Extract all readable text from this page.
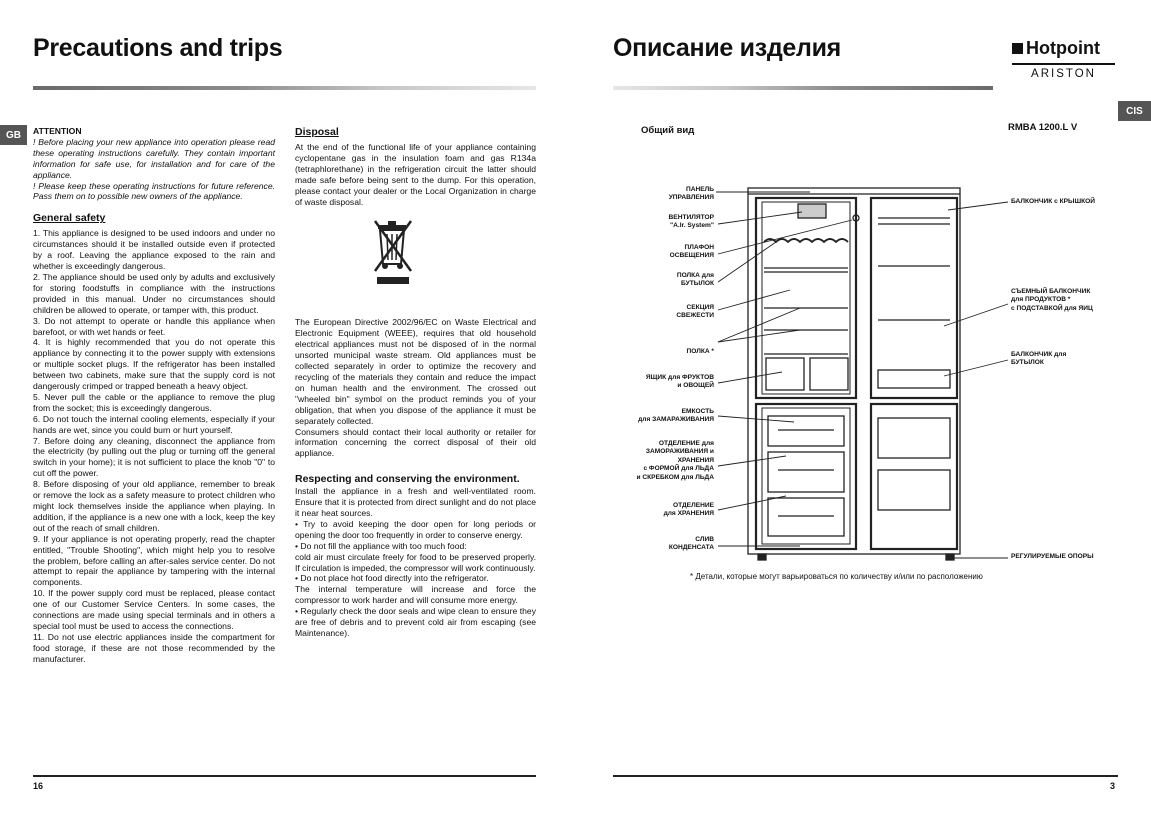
Precautions and trips
GB	ATTENTION

! Before placing your new appliance into operation please read these operating instructions carefully. They contain important information for safe use, for installation and for care of the appliance.

! Please keep these operating instructions for future reference. Pass them on to possible new owners of the appliance.

General safety

1. This appliance is designed to be used indoors and under no circumstances should it be installed outside even if protected by a roof. Leaving the appliance exposed to the rain and whether is exceedingly dangerous.

2. The appliance should be used only by adults and exclusively for storing foodstuffs in compliance with the instructions provided in this manual. Under no circumstances should children be allowed to operate, or tamper with, this product.

3. Do not attempt to operate or handle this appliance when barefoot, or with wet hands or feet.

4. It is highly recommended that you do not operate this appliance by connecting it to the power supply with extensions or multiple socket plugs. If the refrigerator has been installed between two cabinets, make sure that the supply cord is not dangerously crimped or trapped beneath a heavy object.

5. Never pull the cable or the appliance to remove the plug from the socket; this is exceedingly dangerous.

6. Do not touch the internal cooling elements, especially if your hands are wet, since you could burn or hurt yourself.

7. Before doing any cleaning, disconnect the appliance from the electricity (by pulling out the plug or turning off the general switch in your home); it is not sufficient to place the knob "0" to cut off the power.

8. Before disposing of your old appliance, remember to break or remove the lock as a safety measure to protect children who might lock themselves inside the appliance when playing. In addition, if the appliance is a new one with a lock, keep the key out of the reach of small children.

9. If your appliance is not operating properly, read the chapter entitled, "Trouble Shooting", which might help you to resolve the problem, before calling an after-sales service center. Do not attempt to repair the appliance by tampering with the internal components.

10. If the power supply cord must be replaced, please contact one of our Customer Service Centers. In some cases, the connections are made using special terminals and in others a special tool must be used to access the connections.

11. Do not use electric appliances inside the compartment for food storage, if these are not those recommended by the manufacturer.

Disposal

At the end of the functional life of your appliance containing cyclopentane gas in the insulation foam and gas R134a (tetraphlorethane) in the refrigeration circuit the latter should made safe before being sent to the dump. For this operation, please contact your dealer or the Local Organization in charge of waste disposal.

The European Directive 2002/96/EC on Waste Electrical and Electronic Equipment (WEEE), requires that old household electrical appliances must not be disposed of in the normal unsorted municipal waste stream. Old appliances must be collected separately in order to optimize the recovery and recycling of the materials they contain and reduce the impact on human health and the environment. The crossed out "wheeled bin" symbol on the product reminds you of your obligation, that when you dispose of the appliance it must be separately collected.

Consumers should contact their local authority or retailer for information concerning the correct disposal of their old appliance.

Respecting and conserving the environment.

Install the appliance in a fresh and well-ventilated room. Ensure that it is protected from direct sunlight and do not place it near heat sources.

• Try to avoid keeping the door open for long periods or opening the door too frequently in order to conserve energy.

• Do not fill the appliance with too much food:

cold air must circulate freely for food to be preserved properly. If circulation is impeded, the compressor will work continuously.

• Do not place hot food directly into the refrigerator.

The internal temperature will increase and force the compressor to work harder and will consume more energy.

• Regularly check the door seals and wipe clean to ensure they are free of debris and to prevent cold air from escaping (see Maintenance).

16
Описание изделия	Hotpoint
ARISTON
CIS
Общий вид	RMBA 1200.L V
ПАНЕЛЬ
УПРАВЛЕНИЯ
ВЕНТИЛЯТОР
"A.Ir. System"
ПЛАФОН
ОСВЕЩЕНИЯ
ПОЛКА для
БУТЫЛОК
СЕКЦИЯ
СВЕЖЕСТИ
ПОЛКА *
ЯЩИК для ФРУКТОВ
и ОВОЩЕЙ
ЕМКОСТЬ
для ЗАМАРАЖИВАНИЯ
ОТДЕЛЕНИЕ для
ЗАМОРАЖИВАНИЯ и
ХРАНЕНИЯ
с ФОРМОЙ для ЛЬДА
и СКРЕБКОМ для ЛЬДА
ОТДЕЛЕНИЕ
для ХРАНЕНИЯ
СЛИВ
КОНДЕНСАТА
БАЛКОНЧИК с КРЫШКОЙ
СЪЕМНЫЙ БАЛКОНЧИК
для ПРОДУКТОВ *
с ПОДСТАВКОЙ для ЯИЦ
БАЛКОНЧИК для
БУТЫЛОК
РЕГУЛИРУЕМЫЕ ОПОРЫ
* Детали, которые могут варьироваться по количеству и/или по расположению
3
